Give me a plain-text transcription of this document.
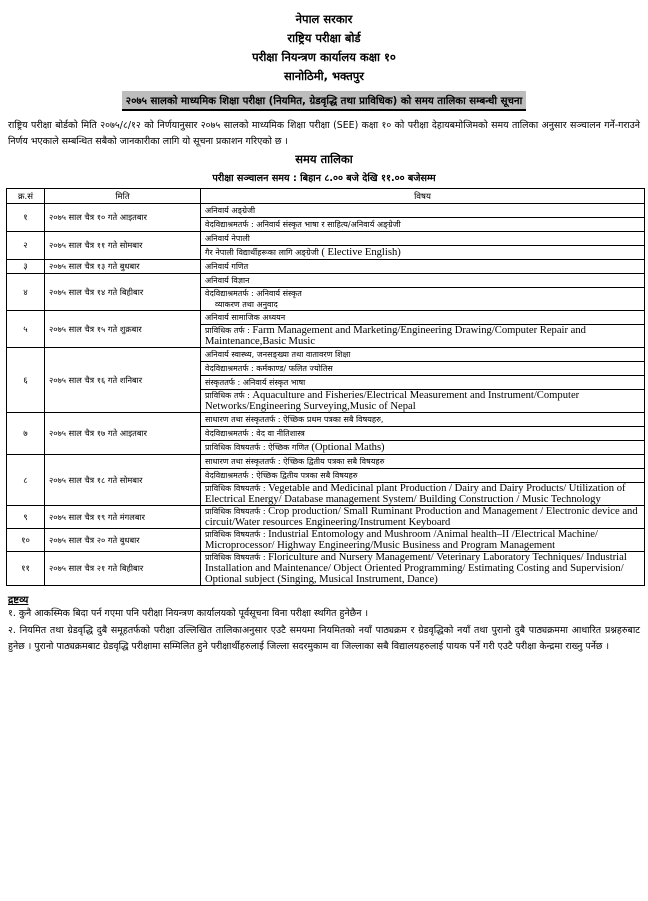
नेपाल सरकार
राष्ट्रिय परीक्षा बोर्ड
परीक्षा नियन्त्रण कार्यालय कक्षा १०
सानोठिमी, भक्तपुर
२०७५ सालको माध्यमिक शिक्षा परीक्षा (नियमित, ग्रेडवृद्धि तथा प्राविधिक) को समय तालिका सम्बन्धी सूचना
राष्ट्रिय परीक्षा बोर्डको मिति २०७५/८/१२ को निर्णयानुसार २०७५ सालको माध्यमिक शिक्षा परीक्षा (SEE) कक्षा १० को परीक्षा देहायबमोजिमको समय तालिका अनुसार सञ्चालन गर्ने-गराउने निर्णय भएकाले सम्बन्धित सबैको जानकारीका लागि यो सूचना प्रकाशन गरिएको छ ।
समय तालिका
परीक्षा सञ्चालन समय : बिहान ८.०० बजे देखि ११.०० बजेसम्म
क्र.सं	मिति	विषय
१	२०७५ साल चैत्र १० गते आइतबार	अनिवार्य अङ्ग्रेजी
		वेदविद्याश्रमतर्फ : अनिवार्य संस्कृत भाषा र साहित्य/अनिवार्य अङ्ग्रेजी
२	२०७५ साल चैत्र ११ गते सोमबार	अनिवार्य नेपाली
		गैर नेपाली विद्यार्थीहरूका लागि अङ्ग्रेजी ( Elective English)
३	२०७५ साल चैत्र १३ गते बुधबार	अनिवार्य गणित
४	२०७५ साल चैत्र १४ गते बिहीबार	अनिवार्य विज्ञान
		वेदविद्याश्रमतर्फ : अनिवार्य संस्कृत
व्याकरण तथा अनुवाद
५	२०७५ साल चैत्र १५ गते शुक्रबार	अनिवार्य सामाजिक अध्ययन
		प्राविधिक तर्फ : Farm Management and Marketing/Engineering Drawing/Computer Repair and Maintenance,Basic Music
६	२०७५ साल चैत्र १६ गते शनिबार	अनिवार्य स्वास्थ्य, जनसङ्ख्या तथा वातावरण शिक्षा
		वेदविद्याश्रमतर्फ : कर्मकाण्ड/ फलित ज्योतिस
		संस्कृततर्फ : अनिवार्य संस्कृत भाषा
		प्राविधिक तर्फ : Aquaculture and Fisheries/Electrical Measurement and Instrument/Computer Networks/Engineering Surveying,Music of Nepal
७	२०७५ साल चैत्र १७ गते आइतबार	साधारण तथा संस्कृततर्फ : ऐच्छिक प्रथम पत्रका सबै विषयहरु,
		वेदविद्याश्रमतर्फ : वेद वा नीतिशास्त्र
		प्राविधिक विषयतर्फ : ऐच्छिक गणित (Optional Maths)
८	२०७५ साल चैत्र १८ गते सोमबार	साधारण तथा संस्कृततर्फ : ऐच्छिक द्वितीय पत्रका सबै विषयहरु
		वेदविद्याश्रमतर्फ : ऐच्छिक द्वितीय पत्रका सबै विषयहरु
		प्राविधिक विषयतर्फ : Vegetable and Medicinal plant Production / Dairy and Dairy Products/ Utilization of Electrical Energy/ Database management System/ Building Construction / Music Technology
९	२०७५ साल चैत्र १९ गते मंगलबार	प्राविधिक विषयतर्फ : Crop production/ Small Ruminant Production and Management / Electronic device and circuit/Water resources Engineering/Instrument Keyboard
१०	२०७५ साल चैत्र २० गते बुधबार	प्राविधिक विषयतर्फ : Industrial Entomology and Mushroom /Animal health–II /Electrical Machine/ Microprocessor/ Highway Engineering/Music Business and Program Management
११	२०७५ साल चैत्र २१ गते बिहीबार	प्राविधिक विषयतर्फ : Floriculture and Nursery Management/ Veterinary Laboratory Techniques/ Industrial Installation and Maintenance/ Object Oriented Programming/ Estimating Costing and Supervision/ Optional subject (Singing, Musical Instrument, Dance)
द्रष्टव्य
१. कुनै आकस्मिक बिदा पर्न गएमा पनि परीक्षा नियन्त्रण कार्यालयको पूर्वसूचना विना परीक्षा स्थगित हुनेछैन ।
२. नियमित तथा ग्रेडवृद्धि दुबै समूहतर्फको परीक्षा उल्लिखित तालिकाअनुसार एउटै समयमा नियमितको नयाँ पाठ्यक्रम र ग्रेडवृद्धिको नयाँ तथा पुरानो दुबै पाठ्यक्रममा आधारित प्रश्नहरुबाट हुनेछ । पुरानो पाठ्यक्रमबाट ग्रेडवृद्धि परीक्षामा सम्मिलित हुने परीक्षार्थीहरुलाई जिल्ला सदरमुकाम वा जिल्लाका सबै विद्यालयहरुलाई पायक पर्ने गरी एउटै परीक्षा केन्द्रमा राख्नु पर्नेछ ।
